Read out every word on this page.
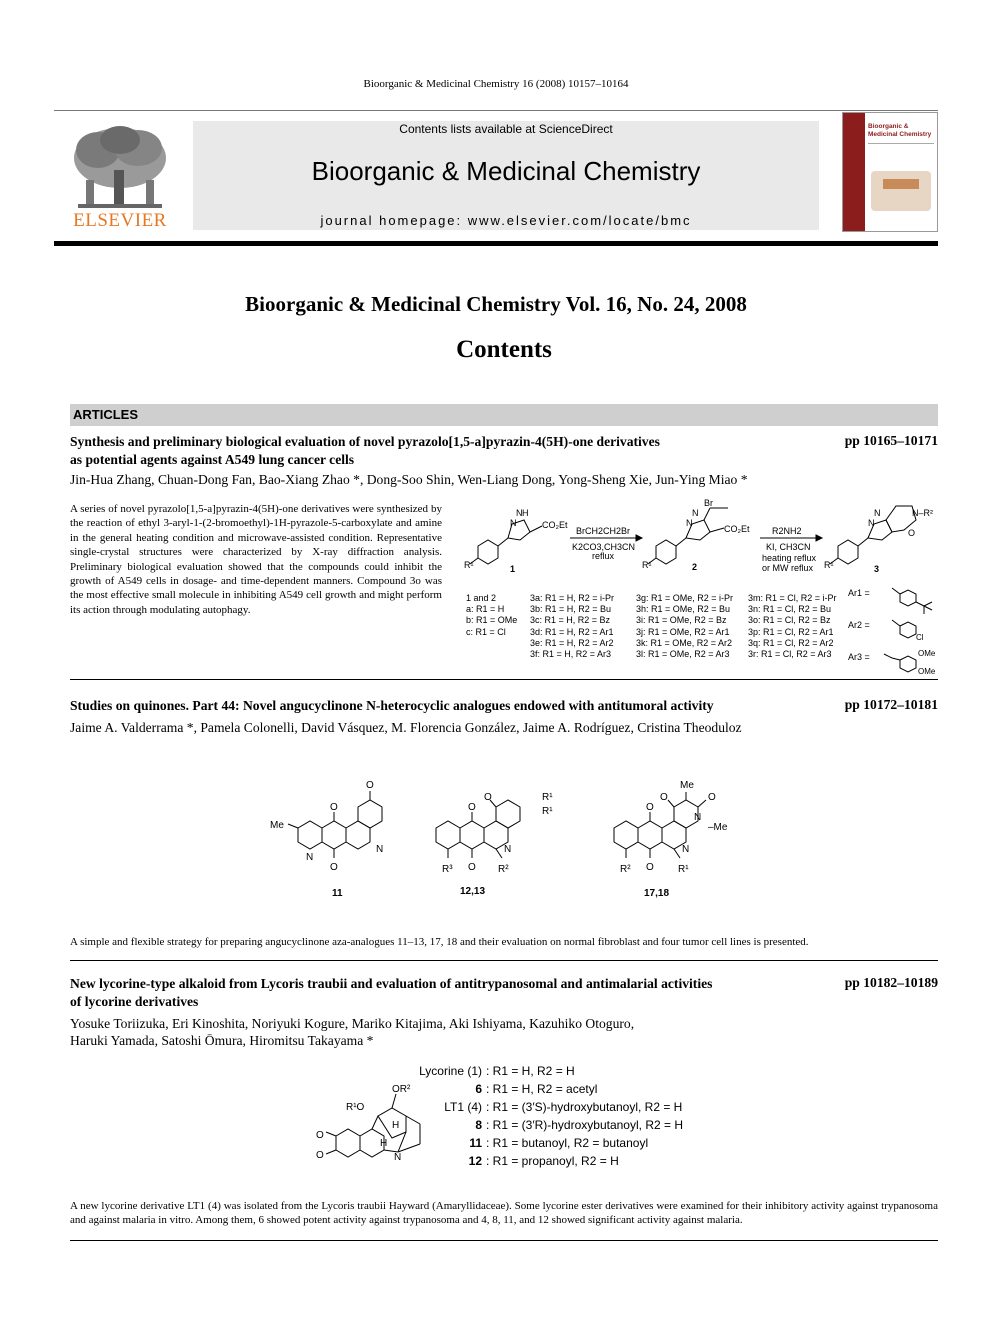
Bioorganic & Medicinal Chemistry 16 (2008) 10157–10164
ELSEVIER
Contents lists available at ScienceDirect
Bioorganic & Medicinal Chemistry
journal homepage: www.elsevier.com/locate/bmc
Bioorganic & Medicinal Chemistry
Bioorganic & Medicinal Chemistry Vol. 16, No. 24, 2008
Contents
ARTICLES
Synthesis and preliminary biological evaluation of novel pyrazolo[1,5-a]pyrazin-4(5H)-one derivatives
as potential agents against A549 lung cancer cells
pp 10165–10171
Jin-Hua Zhang, Chuan-Dong Fan, Bao-Xiang Zhao *, Dong-Soo Shin, Wen-Liang Dong, Yong-Sheng Xie, Jun-Ying Miao *
A series of novel pyrazolo[1,5-a]pyrazin-4(5H)-one derivatives were synthesized by the reaction of ethyl 3-aryl-1-(2-bromoethyl)-1H-pyrazole-5-carboxylate and amine in the general heating condition and microwave-assisted condition. Representative single-crystal structures were characterized by X-ray diffraction analysis. Preliminary biological evaluation showed that the compounds could inhibit the growth of A549 cells in dosage- and time-dependent manners. Compound 3o was the most effective small molecule in inhibiting A549 cell growth and might perform its action through modulating autophagy.
H
N
N
CO₂Et
R¹
Br
CO₂Et
R¹
N
N	N–R²
O
R¹
N
N
BrCH2CH2Br
K2CO3,CH3CN
reflux
R2NH2
KI, CH3CN
heating reflux
or MW reflux
1	2	3
1 and 2
a: R1 = H
b: R1 = OMe
c: R1 = Cl
3a: R1 = H, R2 = i-Pr
3b: R1 = H, R2 = Bu
3c: R1 = H, R2 = Bz
3d: R1 = H, R2 = Ar1
3e: R1 = H, R2 = Ar2
3f: R1 = H, R2 = Ar3
3g: R1 = OMe, R2 = i-Pr
3h: R1 = OMe, R2 = Bu
3i: R1 = OMe, R2 = Bz
3j: R1 = OMe, R2 = Ar1
3k: R1 = OMe, R2 = Ar2
3l: R1 = OMe, R2 = Ar3
3m: R1 = Cl, R2 = i-Pr
3n: R1 = Cl, R2 = Bu
3o: R1 = Cl, R2 = Bz
3p: R1 = Cl, R2 = Ar1
3q: R1 = Cl, R2 = Ar2
3r: R1 = Cl, R2 = Ar3
Ar1 =
Ar2 =
Ar3 =
Cl
OMe
OMe
Studies on quinones. Part 44: Novel angucyclinone N-heterocyclic analogues endowed with antitumoral activity	pp 10172–10181
Jaime A. Valderrama *, Pamela Colonelli, David Vásquez, M. Florencia González, Jaime A. Rodríguez, Cristina Theoduloz
Me
O
O
N
N
O
O
O
O
N
R¹
R¹
R³	R²
O
O
Me
O	O
N
–Me
N
R²	R¹
11	12,13	17,18
A simple and flexible strategy for preparing angucyclinone aza-analogues 11–13, 17, 18 and their evaluation on normal fibroblast and four tumor cell lines is presented.
New lycorine-type alkaloid from Lycoris traubii and evaluation of antitrypanosomal and antimalarial activities
of lycorine derivatives
pp 10182–10189
Yosuke Toriizuka, Eri Kinoshita, Noriyuki Kogure, Mariko Kitajima, Aki Ishiyama, Kazuhiko Otoguro,
Haruki Yamada, Satoshi Ōmura, Hiromitsu Takayama *
O
O
OR²
R¹O
H
H
N
Lycorine (1) : R1 = H, R2 = H
6 : R1 = H, R2 = acetyl
LT1 (4) : R1 = (3′S)-hydroxybutanoyl, R2 = H
8 : R1 = (3′R)-hydroxybutanoyl, R2 = H
11 : R1 = butanoyl, R2 = butanoyl
12 : R1 = propanoyl, R2 = H
A new lycorine derivative LT1 (4) was isolated from the Lycoris traubii Hayward (Amaryllidaceae). Some lycorine ester derivatives were examined for their inhibitory activity against trypanosoma and against malaria in vitro. Among them, 6 showed potent activity against trypanosoma and 4, 8, 11, and 12 showed significant activity against malaria.
